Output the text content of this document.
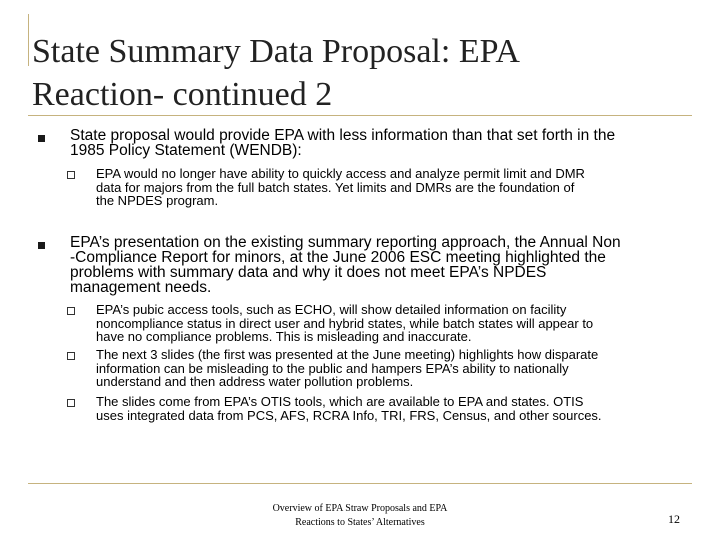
State Summary Data Proposal: EPA
Reaction- continued 2
State proposal would provide EPA with less information than that set forth in the
1985 Policy Statement (WENDB):
EPA would no longer have ability to quickly access and analyze permit limit and DMR
data for majors from the full batch states. Yet limits and DMRs are the foundation of
the NPDES program.
EPA’s presentation on the existing summary reporting approach, the Annual Non
-Compliance Report for minors, at the June 2006 ESC meeting highlighted the
problems with summary data and why it does not meet EPA’s NPDES
management needs.
EPA’s pubic access tools, such as ECHO, will show detailed information on facility
noncompliance status in direct user and hybrid states, while batch states will appear to
have no compliance problems. This is misleading and inaccurate.
The next 3 slides (the first was presented at the June meeting) highlights how disparate
information can be misleading to the public and hampers EPA’s ability to nationally
understand and then address water pollution problems.
The slides come from EPA’s OTIS tools, which are available to EPA and states. OTIS
uses integrated data from PCS, AFS, RCRA Info, TRI, FRS, Census, and other sources.
Overview of EPA Straw Proposals and EPA
Reactions to States’ Alternatives	12
